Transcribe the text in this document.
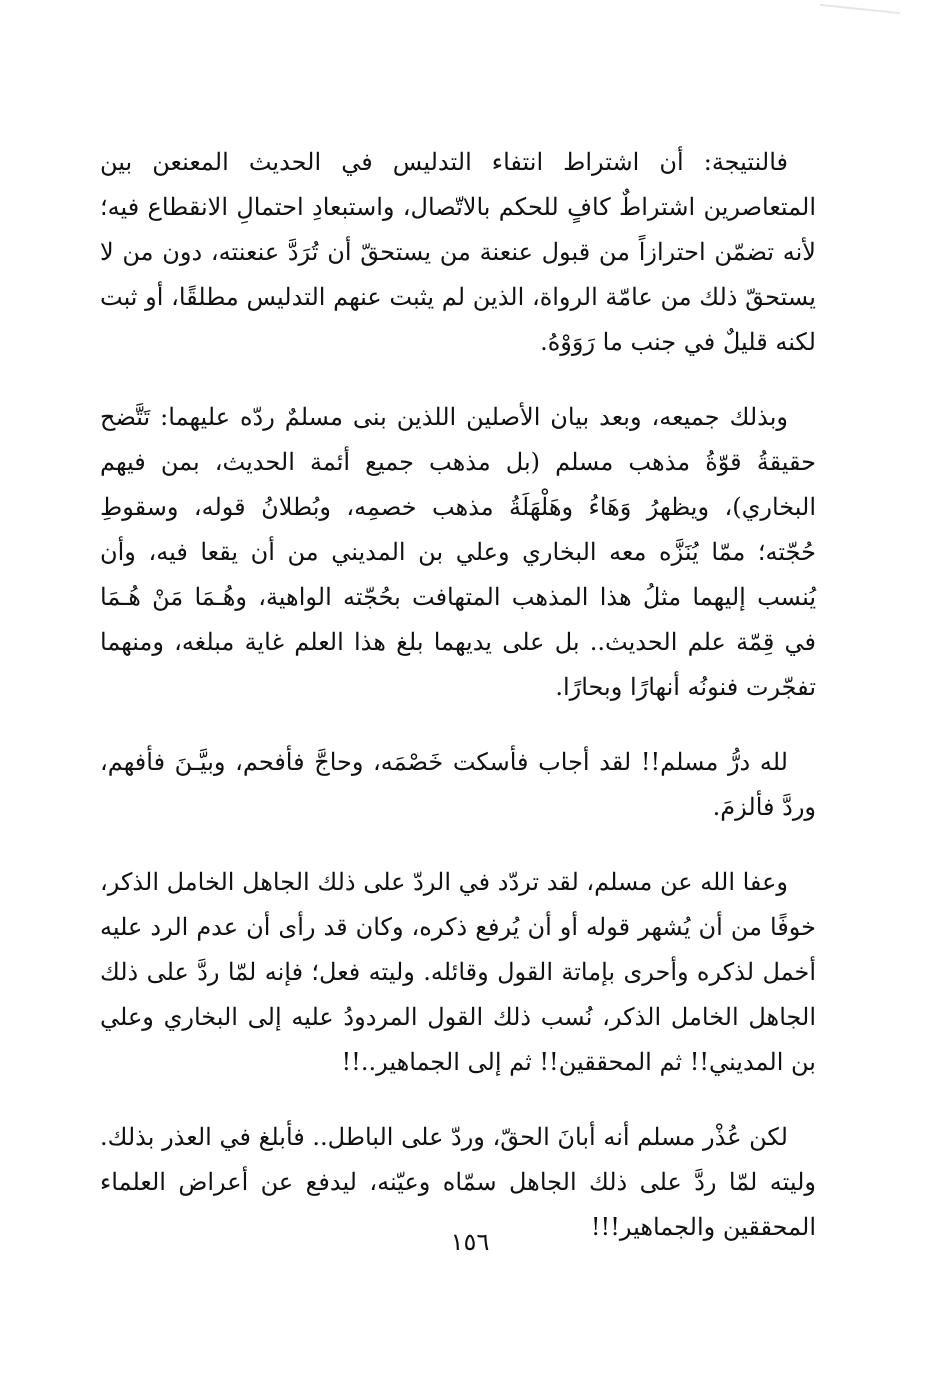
فالنتيجة: أن اشتراط انتفاء التدليس في الحديث المعنعن بين المتعاصرين اشتراطٌ كافٍ للحكم بالاتّصال، واستبعادِ احتمالِ الانقطاع فيه؛ لأنه تضمّن احترازاً من قبول عنعنة من يستحقّ أن تُرَدَّ عنعنته، دون من لا يستحقّ ذلك من عامّة الرواة، الذين لم يثبت عنهم التدليس مطلقًا، أو ثبت لكنه قليلٌ في جنب ما رَوَوْهُ.

وبذلك جميعه، وبعد بيان الأصلين اللذين بنى مسلمٌ ردّه عليهما: تَتَّضح حقيقةُ قوّةُ مذهب مسلم (بل مذهب جميع أئمة الحديث، بمن فيهم البخاري)، ويظهرُ وَهَاءُ وهَلْهَلَةُ مذهب خصمِه، وبُطلانُ قوله، وسقوطِ حُجّته؛ ممّا يُنَزَّه معه البخاري وعلي بن المديني من أن يقعا فيه، وأن يُنسب إليهما مثلُ هذا المذهب المتهافت بحُجّته الواهية، وهُـمَا مَنْ هُـمَا في قِمّة علم الحديث.. بل على يديهما بلغ هذا العلم غاية مبلغه، ومنهما تفجّرت فنونُه أنهارًا وبحارًا.

لله درُّ مسلم!! لقد أجاب فأسكت خَصْمَه، وحاجَّ فأفحم، وبيَّـنَ فأفهم، وردَّ فألزمَ.

وعفا الله عن مسلم، لقد تردّد في الردّ على ذلك الجاهل الخامل الذكر، خوفًا من أن يُشهر قوله أو أن يُرفع ذكره، وكان قد رأى أن عدم الرد عليه أخمل لذكره وأحرى بإماتة القول وقائله. وليته فعل؛ فإنه لمّا ردَّ على ذلك الجاهل الخامل الذكر، نُسب ذلك القول المردودُ عليه إلى البخاري وعلي بن المديني!! ثم المحققين!! ثم إلى الجماهير..!!

لكن عُذْر مسلم أنه أبانَ الحقّ، وردّ على الباطل.. فأبلغ في العذر بذلك. وليته لمّا ردَّ على ذلك الجاهل سمّاه وعيّنه، ليدفع عن أعراض العلماء المحققين والجماهير!!!

١٥٦
